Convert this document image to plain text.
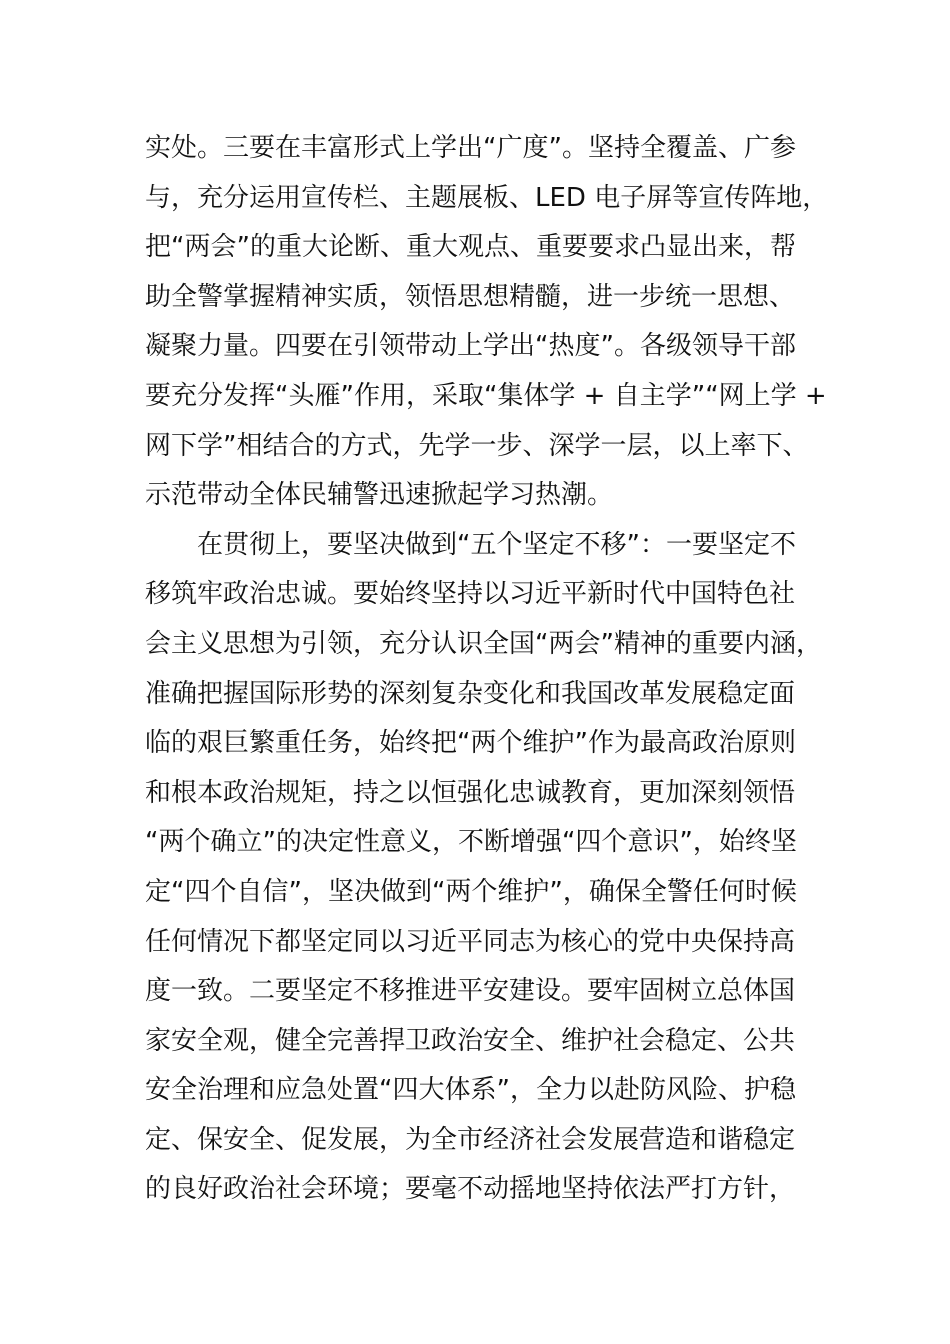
实处。三要在丰富形式上学出“广度”。坚持全覆盖、广参
与，充分运用宣传栏、主题展板、LED 电子屏等宣传阵地，
把“两会”的重大论断、重大观点、重要要求凸显出来，帮
助全警掌握精神实质，领悟思想精髓，进一步统一思想、
凝聚力量。四要在引领带动上学出“热度”。各级领导干部
要充分发挥“头雁”作用，采取“集体学 + 自主学”“网上学 +
网下学”相结合的方式，先学一步、深学一层，以上率下、
示范带动全体民辅警迅速掀起学习热潮。
在贯彻上，要坚决做到“五个坚定不移”：一要坚定不
移筑牢政治忠诚。要始终坚持以习近平新时代中国特色社
会主义思想为引领，充分认识全国“两会”精神的重要内涵，
准确把握国际形势的深刻复杂变化和我国改革发展稳定面
临的艰巨繁重任务，始终把“两个维护”作为最高政治原则
和根本政治规矩，持之以恒强化忠诚教育，更加深刻领悟
“两个确立”的决定性意义，不断增强“四个意识”，始终坚
定“四个自信”，坚决做到“两个维护”，确保全警任何时候
任何情况下都坚定同以习近平同志为核心的党中央保持高
度一致。二要坚定不移推进平安建设。要牢固树立总体国
家安全观，健全完善捍卫政治安全、维护社会稳定、公共
安全治理和应急处置“四大体系”，全力以赴防风险、护稳
定、保安全、促发展，为全市经济社会发展营造和谐稳定
的良好政治社会环境；要毫不动摇地坚持依法严打方针，
